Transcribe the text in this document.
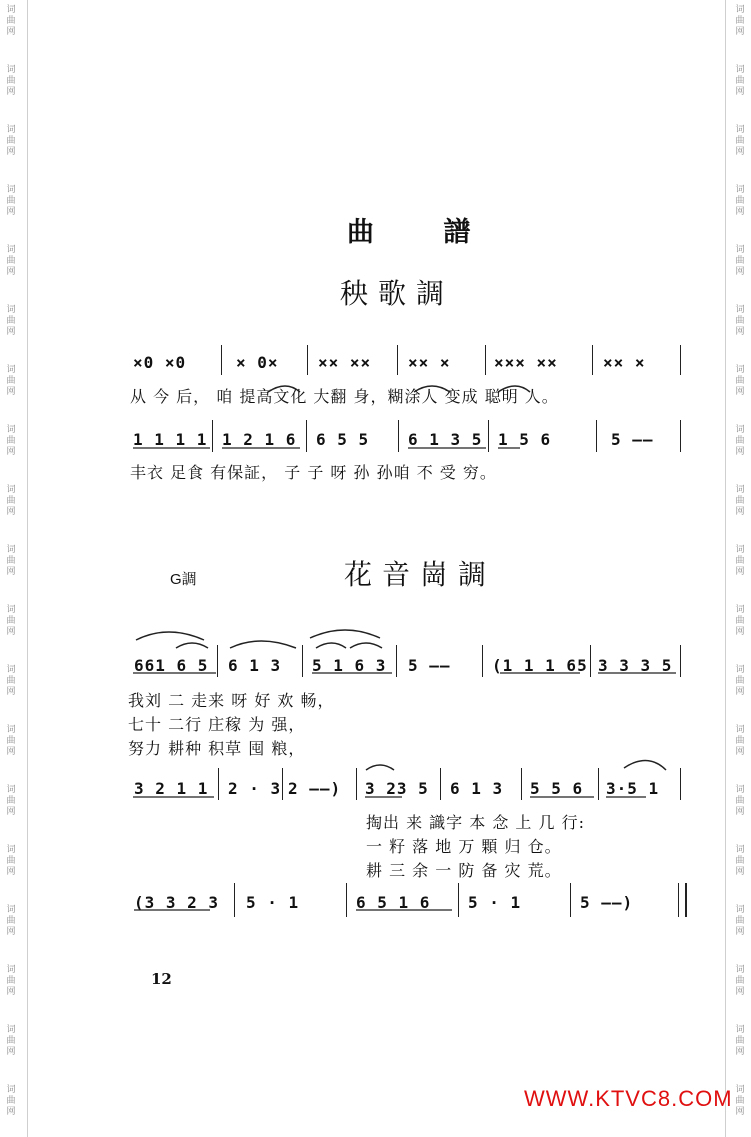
词曲网
词曲网
词曲网
词曲网
词曲网
词曲网
词曲网
词曲网
词曲网
词曲网
词曲网
词曲网
词曲网
词曲网
词曲网
词曲网
词曲网
词曲网
词曲网
词曲网
词曲网
词曲网
词曲网
词曲网
词曲网
词曲网
词曲网
词曲网
词曲网
词曲网
词曲网
词曲网
词曲网
词曲网
词曲网
词曲网
词曲网
词曲网
曲 譜
秧歌調
×0 ×0	× 0× ×× ×× ×× ×	××× ××	×× ×
从 今 后， 咱 提高文化 大翻 身，糊涂人 变成 聪明 人。
1 1 1 1 1 2 1 6 6 5 5 6 1 3 5 1 5 6	5 ——
丰衣 足食 有保証， 子 子 呀 孙 孙咱 不 受 穷。
G調	花音崗調
661 6 5 6 1 3 5 1 6 3 5 ——	(1 1 1 65 3 3 3 5
我刘 二 走来 呀 好 欢 畅，
七十 二行 庄稼 为 强，
努力 耕种 积草 囤 粮，
3 2 1 1 2 · 3 2 ——) 3 23 5 6 1 3 5 5 6 3·5 1
掏出 来 識字 本 念 上 几 行:
一 籽 落 地 万 顆 归 仓。
耕 三 余 一 防 备 灾 荒。
(3 3 2 3 5 · 1	6 5 1 6 5 · 1	5 ——)
12
WWW.KTVC8.COM
